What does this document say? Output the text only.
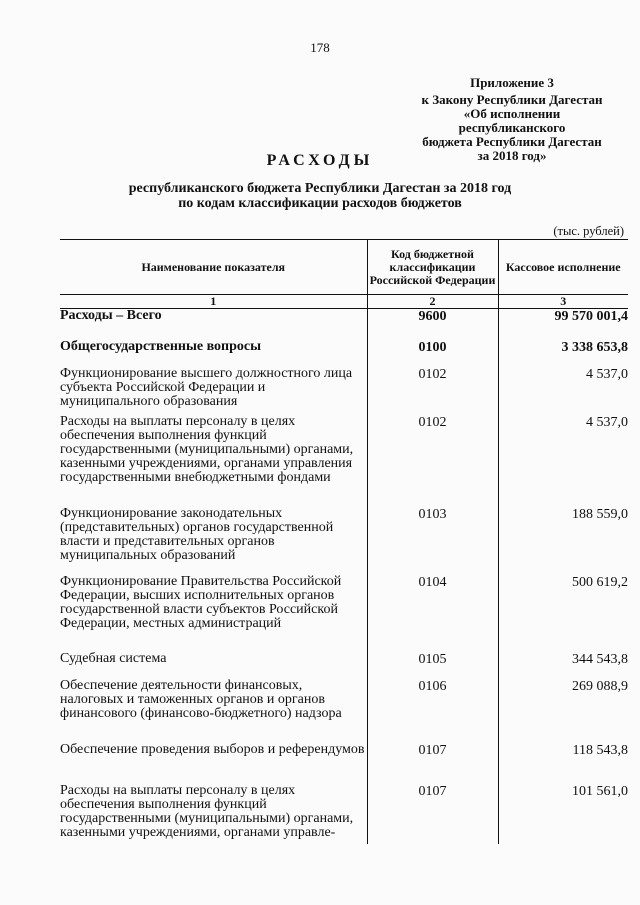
178
Приложение 3
к Закону Республики Дагестан
«Об исполнении республиканского
бюджета Республики Дагестан
за 2018 год»
РАСХОДЫ
республиканского бюджета Республики Дагестан за 2018 год
по кодам классификации расходов бюджетов
(тыс. рублей)
Наименование показателя	Код бюджетной классификации Российской Федерации	Кассовое исполнение
1	2	3

Расходы – Всего	9600	99 570 001,4

Общегосударственные вопросы	0100	3 338 653,8

Функционирование высшего должностного лица субъекта Российской Федерации и муниципального образования	0102	4 537,0

Расходы на выплаты персоналу в целях обеспечения выполнения функций государственными (муниципальными) органами, казенными учреждениями, органами управления государственными внебюджетными фондами	0102	4 537,0

Функционирование законодательных (представительных) органов государственной власти и представительных органов муниципальных образований	0103	188 559,0

Функционирование Правительства Российской Федерации, высших исполнительных органов государственной власти субъектов Российской Федерации, местных администраций	0104	500 619,2

Судебная система	0105	344 543,8

Обеспечение деятельности финансовых, налоговых и таможенных органов и органов финансового (финансово-бюджетного) надзора	0106	269 088,9

Обеспечение проведения выборов и референдумов	0107	118 543,8

Расходы на выплаты персоналу в целях обеспечения выполнения функций государственными (муниципальными) органами, казенными учреждениями, органами управле-	0107	101 561,0
